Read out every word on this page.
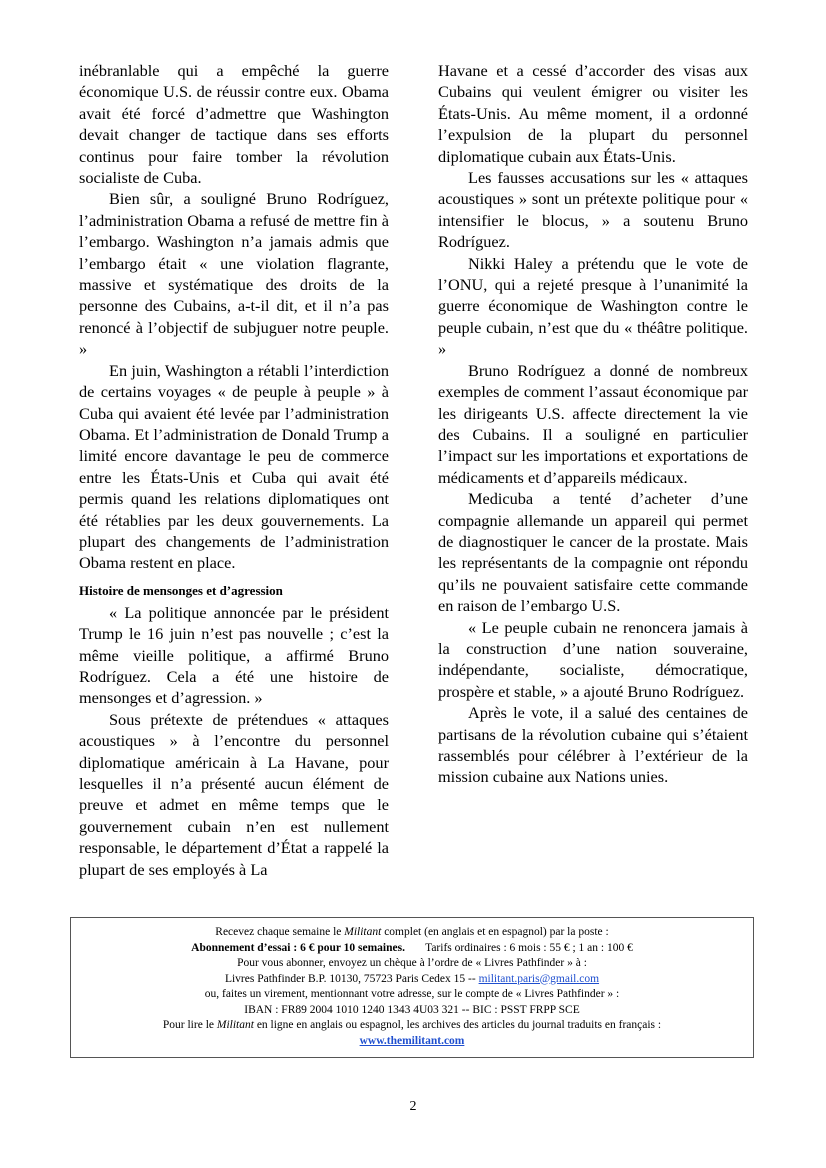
inébranlable qui a empêché la guerre économique U.S. de réussir contre eux. Obama avait été forcé d’admettre que Washington devait changer de tactique dans ses efforts continus pour faire tomber la révolution socialiste de Cuba.

Bien sûr, a souligné Bruno Rodríguez, l’administration Obama a refusé de mettre fin à l’embargo. Washington n’a jamais admis que l’embargo était « une violation flagrante, massive et systématique des droits de la personne des Cubains, a-t-il dit, et il n’a pas renoncé à l’objectif de subjuguer notre peuple. »

En juin, Washington a rétabli l’interdiction de certains voyages « de peuple à peuple » à Cuba qui avaient été levée par l’administration Obama. Et l’administration de Donald Trump a limité encore davantage le peu de commerce entre les États-Unis et Cuba qui avait été permis quand les relations diplomatiques ont été rétablies par les deux gouvernements. La plupart des changements de l’administration Obama restent en place.

Histoire de mensonges et d’agression

« La politique annoncée par le président Trump le 16 juin n’est pas nouvelle ; c’est la même vieille politique, a affirmé Bruno Rodríguez. Cela a été une histoire de mensonges et d’agression. »

Sous prétexte de prétendues « attaques acoustiques » à l’encontre du personnel diplomatique américain à La Havane, pour lesquelles il n’a présenté aucun élément de preuve et admet en même temps que le gouvernement cubain n’en est nullement responsable, le département d’État a rappelé la plupart de ses employés à La

Havane et a cessé d’accorder des visas aux Cubains qui veulent émigrer ou visiter les États-Unis. Au même moment, il a ordonné l’expulsion de la plupart du personnel diplomatique cubain aux États-Unis.

Les fausses accusations sur les « attaques acoustiques » sont un prétexte politique pour « intensifier le blocus, » a soutenu Bruno Rodríguez.

Nikki Haley a prétendu que le vote de l’ONU, qui a rejeté presque à l’unanimité la guerre économique de Washington contre le peuple cubain, n’est que du « théâtre politique. »

Bruno Rodríguez a donné de nombreux exemples de comment l’assaut économique par les dirigeants U.S. affecte directement la vie des Cubains. Il a souligné en particulier l’impact sur les importations et exportations de médicaments et d’appareils médicaux.

Medicuba a tenté d’acheter d’une compagnie allemande un appareil qui permet de diagnostiquer le cancer de la prostate. Mais les représentants de la compagnie ont répondu qu’ils ne pouvaient satisfaire cette commande en raison de l’embargo U.S.

« Le peuple cubain ne renoncera jamais à la construction d’une nation souveraine, indépendante, socialiste, démocratique, prospère et stable, » a ajouté Bruno Rodríguez.

Après le vote, il a salué des centaines de partisans de la révolution cubaine qui s’étaient rassemblés pour célébrer à l’extérieur de la mission cubaine aux Nations unies.

Recevez chaque semaine le Militant complet (en anglais et en espagnol) par la poste :
Abonnement d’essai : 6 € pour 10 semaines. Tarifs ordinaires : 6 mois : 55 € ; 1 an : 100 €
Pour vous abonner, envoyez un chèque à l’ordre de « Livres Pathfinder » à :
Livres Pathfinder B.P. 10130, 75723 Paris Cedex 15 -- militant.paris@gmail.com
ou, faites un virement, mentionnant votre adresse, sur le compte de « Livres Pathfinder » :
IBAN : FR89 2004 1010 1240 1343 4U03 321 -- BIC : PSST FRPP SCE
Pour lire le Militant en ligne en anglais ou espagnol, les archives des articles du journal traduits en français :
www.themilitant.com
2
